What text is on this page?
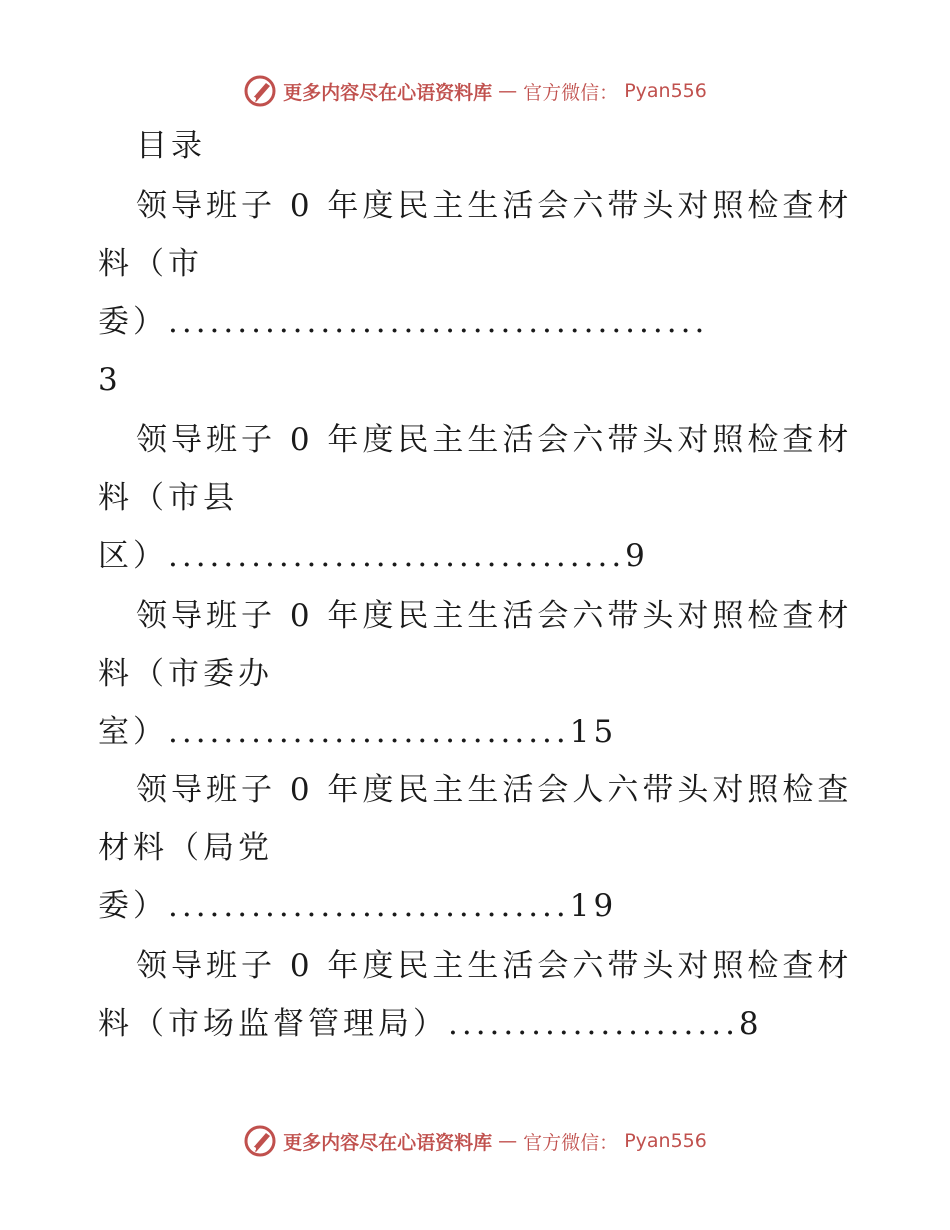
更多内容尽在心语资料库 — 官方微信： Pyan556
目录
领导班子 0 年度民主生活会六带头对照检查材
料（市
委）.......................................
3
领导班子 0 年度民主生活会六带头对照检查材
料（市县
区）.................................9
领导班子 0 年度民主生活会六带头对照检查材
料（市委办
室）.............................15
领导班子 0 年度民主生活会人六带头对照检查
材料（局党
委）.............................19
领导班子 0 年度民主生活会六带头对照检查材
料（市场监督管理局）.....................8
更多内容尽在心语资料库 — 官方微信： Pyan556
